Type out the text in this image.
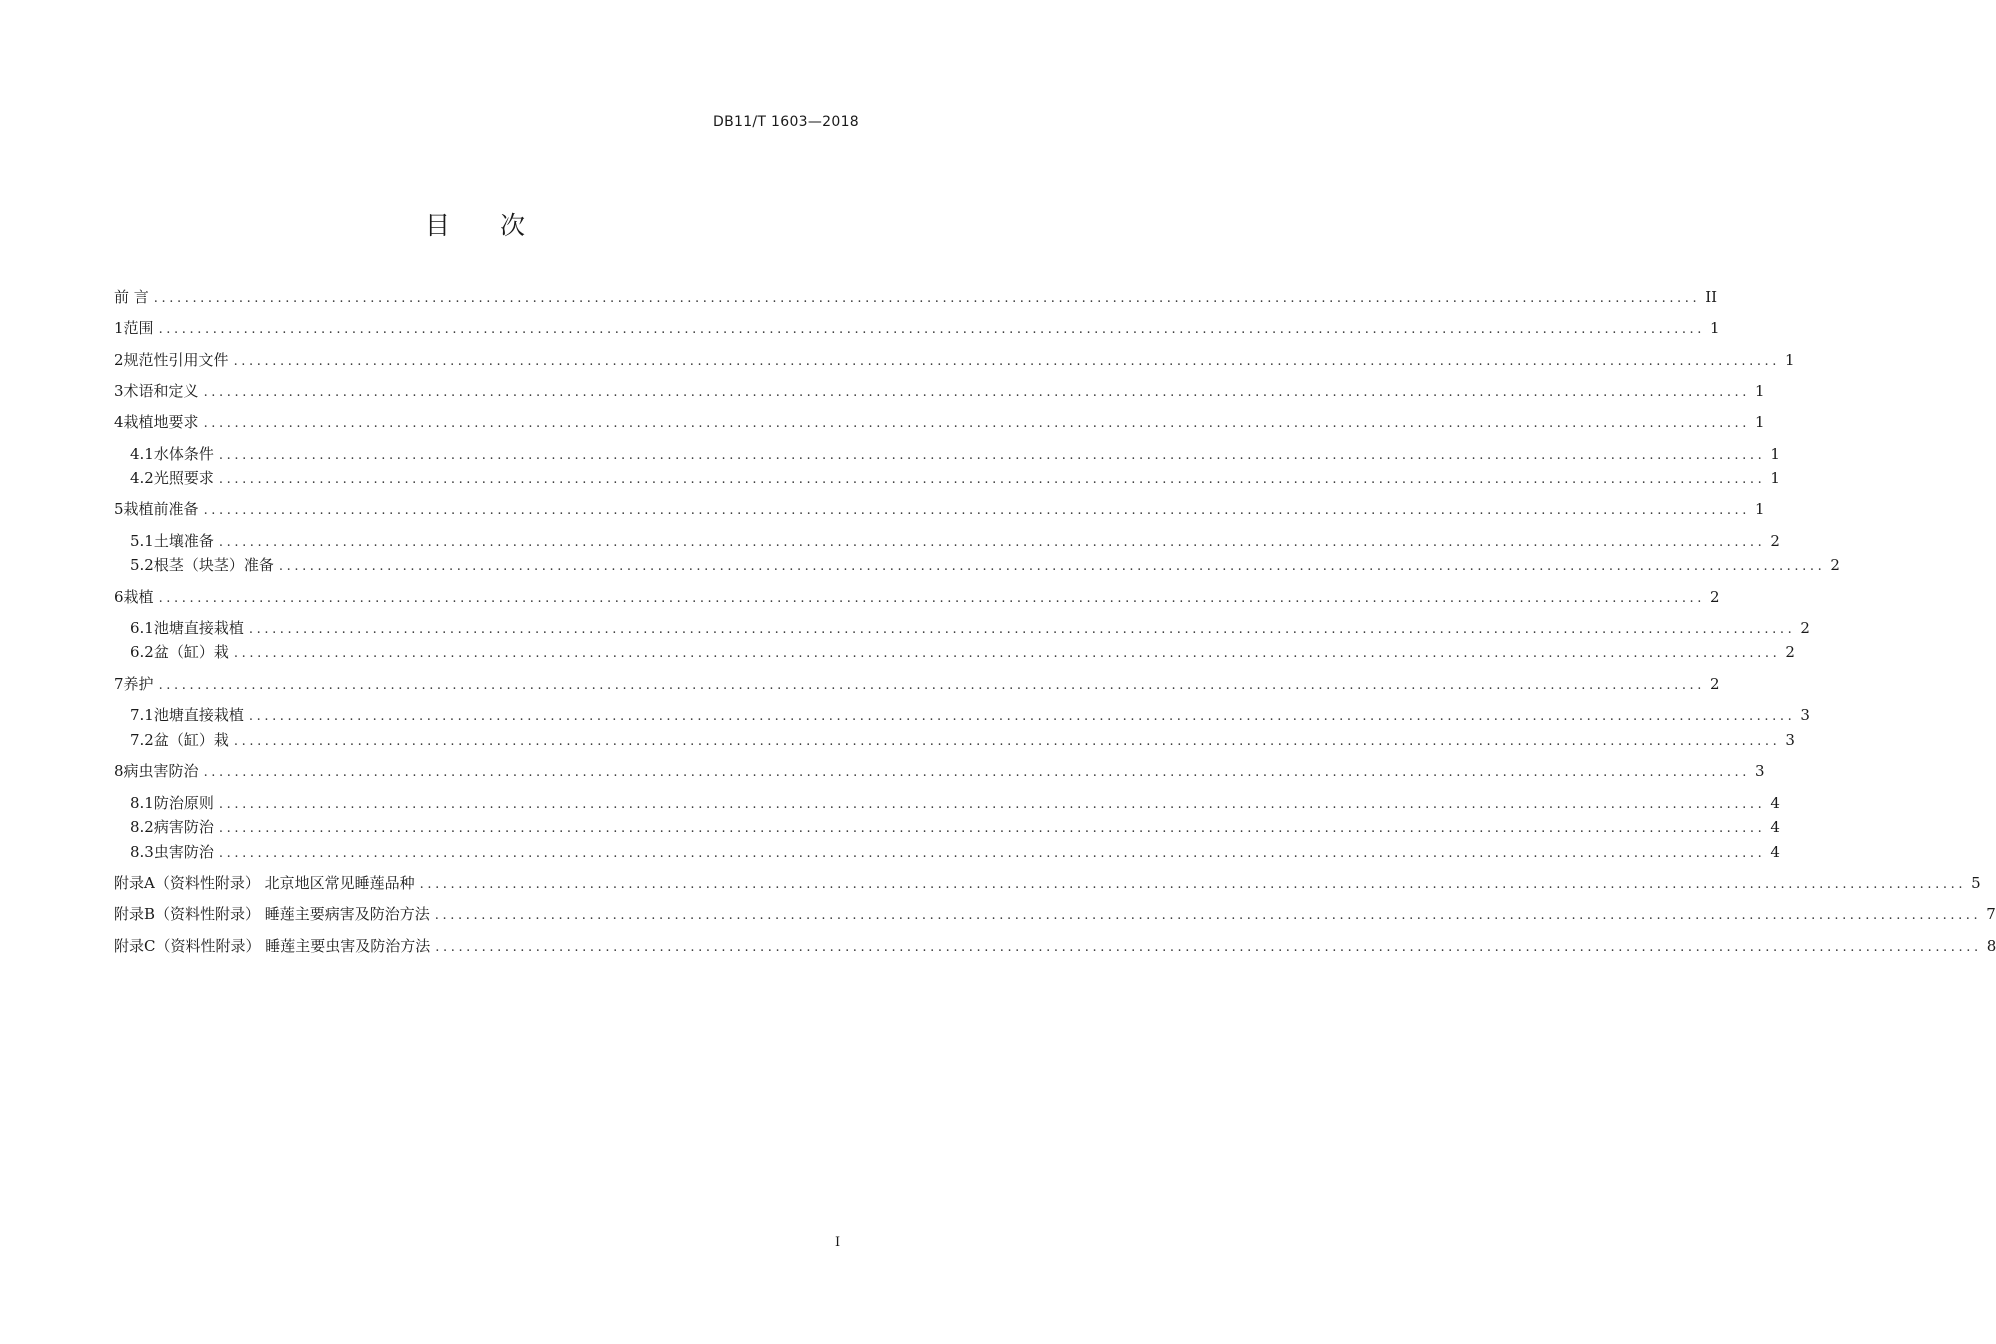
DB11/T 1603—2018
目次
前 言 ........................................................................................................................................................................................................ II
1 范围 ........................................................................................................................................................................................................ 1
2 规范性引用文件 ........................................................................................................................................................................................................ 1
3 术语和定义 ........................................................................................................................................................................................................ 1
4 栽植地要求 ........................................................................................................................................................................................................ 1
4.1 水体条件 ........................................................................................................................................................................................................ 1
4.2 光照要求 ........................................................................................................................................................................................................ 1
5 栽植前准备 ........................................................................................................................................................................................................ 1
5.1 土壤准备 ........................................................................................................................................................................................................ 2
5.2 根茎（块茎）准备 ........................................................................................................................................................................................................ 2
6 栽植 ........................................................................................................................................................................................................ 2
6.1 池塘直接栽植 ........................................................................................................................................................................................................ 2
6.2 盆（缸）栽 ........................................................................................................................................................................................................ 2
7 养护 ........................................................................................................................................................................................................ 2
7.1 池塘直接栽植 ........................................................................................................................................................................................................ 3
7.2 盆（缸）栽 ........................................................................................................................................................................................................ 3
8 病虫害防治 ........................................................................................................................................................................................................ 3
8.1 防治原则 ........................................................................................................................................................................................................ 4
8.2 病害防治 ........................................................................................................................................................................................................ 4
8.3 虫害防治 ........................................................................................................................................................................................................ 4
附录A（资料性附录） 北京地区常见睡莲品种 ........................................................................................................................................................................................................ 5
附录B（资料性附录） 睡莲主要病害及防治方法 ........................................................................................................................................................................................................ 7
附录C（资料性附录） 睡莲主要虫害及防治方法 ........................................................................................................................................................................................................ 8
I
